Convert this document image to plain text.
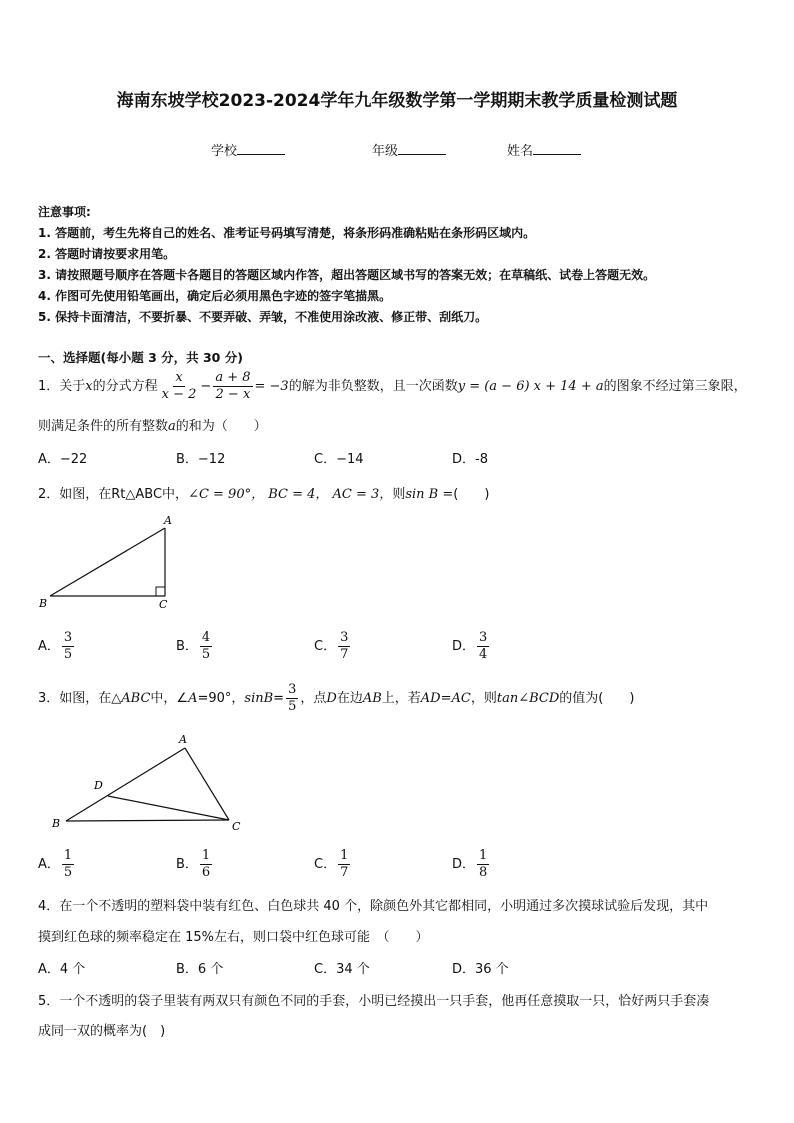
海南东坡学校2023-2024学年九年级数学第一学期期末教学质量检测试题
学校	年级	姓名
注意事项:
1. 答题前，考生先将自己的姓名、准考证号码填写清楚，将条形码准确粘贴在条形码区域内。
2. 答题时请按要求用笔。
3. 请按照题号顺序在答题卡各题目的答题区域内作答，超出答题区域书写的答案无效；在草稿纸、试卷上答题无效。
4. 作图可先使用铅笔画出，确定后必须用黑色字迹的签字笔描黑。
5. 保持卡面清洁，不要折暴、不要弄破、弄皱，不准使用涂改液、修正带、刮纸刀。
一、选择题(每小题 3 分，共 30 分)
1．关于x的分式方程 $\frac{x}{x - 2} - \frac{a + 8}{2 - x} = -3$的解为非负整数，且一次函数y = (a − 6) x + 14 + a的图象不经过第三象限，
则满足条件的所有整数a的和为（　　）
A．−22	B．−12	C．−14	D．-8
2．如图，在Rt△ABC中，∠C = 90°， BC = 4， AC = 3，则sin B =(　　)
A
B	C
A． $\frac{3}{5}$	B． $\frac{4}{5}$	C． $\frac{3}{7}$	D． $\frac{3}{4}$
3．如图，在△ABC中，∠A=90°，$\sin B= \frac{3}{5}$ ，点D在边AB上，若AD=AC，则tan∠BCD的值为(　　)
A
B	C
D
A． $\frac{1}{5}$	B． $\frac{1}{6}$	C． $\frac{1}{7}$	D． $\frac{1}{8}$
4．在一个不透明的塑料袋中装有红色、白色球共 40 个，除颜色外其它都相同，小明通过多次摸球试验后发现，其中
摸到红色球的频率稳定在 15%左右，则口袋中红色球可能　（　　）
A．4 个	B．6 个	C．34 个	D．36 个
5．一个不透明的袋子里装有两双只有颜色不同的手套，小明已经摸出一只手套，他再任意摸取一只，恰好两只手套凑
成同一双的概率为(　)
